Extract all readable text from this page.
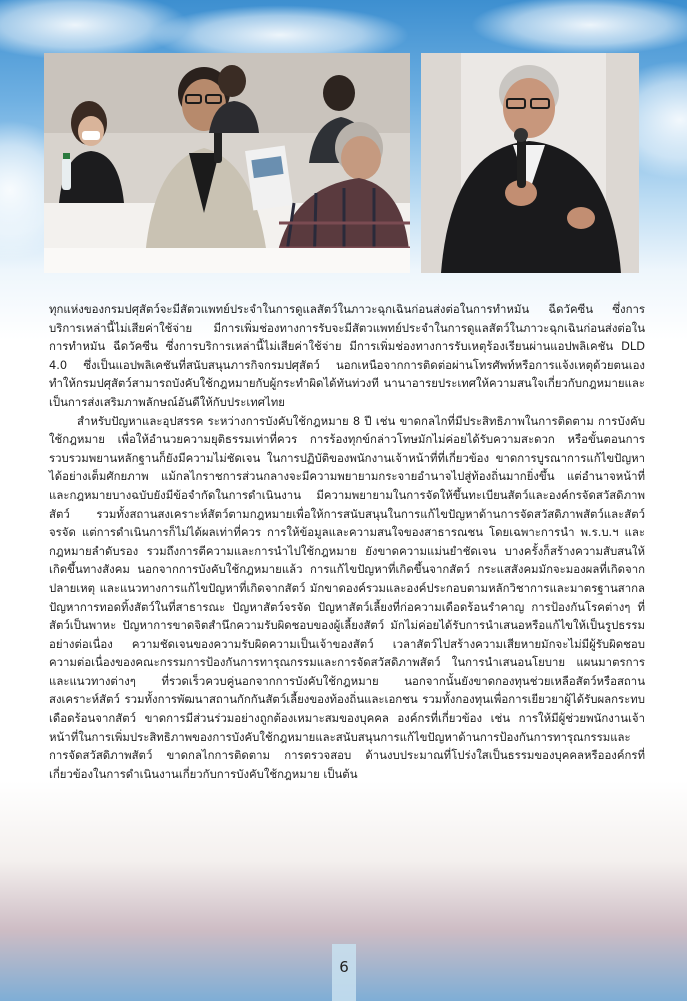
ทุกแห่งของกรมปศุสัตว์จะมีสัตวแพทย์ประจำในการดูแลสัตว์ในภาวะฉุกเฉินก่อนส่งต่อในการทำหมัน ฉีดวัคซีน ซึ่งการบริการเหล่านี้ไม่เสียค่าใช้จ่าย มีการเพิ่มช่องทางการรับจะมีสัตวแพทย์ประจำในการดูแลสัตว์ในภาวะฉุกเฉินก่อนส่งต่อในการทำหมัน ฉีดวัคซีน ซึ่งการบริการเหล่านี้ไม่เสียค่าใช้จ่าย มีการเพิ่มช่องทางการรับเหตุร้องเรียนผ่านแอปพลิเคชัน DLD 4.0 ซึ่งเป็นแอปพลิเคชันที่สนับสนุนภารกิจกรมปศุสัตว์ นอกเหนือจากการติดต่อผ่านโทรศัพท์หรือการแจ้งเหตุด้วยตนเอง ทำให้กรมปศุสัตว์สามารถบังคับใช้กฎหมายกับผู้กระทำผิดได้ทันท่วงที นานาอารยประเทศให้ความสนใจเกี่ยวกับกฎหมายและเป็นการส่งเสริมภาพลักษณ์อันดีให้กับประเทศไทย

สำหรับปัญหาและอุปสรรค ระหว่างการบังคับใช้กฎหมาย 8 ปี เช่น ขาดกลไกที่มีประสิทธิภาพในการติดตาม การบังคับใช้กฎหมาย เพื่อให้อำนวยความยุติธรรมเท่าที่ควร การร้องทุกข์กล่าวโทษมักไม่ค่อยได้รับความสะดวก หรือขั้นตอนการรวบรวมพยานหลักฐานก็ยังมีความไม่ชัดเจน ในการปฏิบัติของพนักงานเจ้าหน้าที่ที่เกี่ยวข้อง ขาดการบูรณาการแก้ไขปัญหา ได้อย่างเต็มศักยภาพ แม้กลไกราชการส่วนกลางจะมีความพยายามกระจายอำนาจไปสู่ท้องถิ่นมากยิ่งขึ้น แต่อำนาจหน้าที่และกฎหมายบางฉบับยังมีข้อจำกัดในการดำเนินงาน มีความพยายามในการจัดให้ขึ้นทะเบียนสัตว์และองค์กรจัดสวัสดิภาพสัตว์ รวมทั้งสถานสงเคราะห์สัตว์ตามกฎหมายเพื่อให้การสนับสนุนในการแก้ไขปัญหาด้านการจัดสวัสดิภาพสัตว์และสัตว์จรจัด แต่การดำเนินการก็ไม่ได้ผลเท่าที่ควร การให้ข้อมูลและความสนใจของสาธารณชน โดยเฉพาะการนำ พ.ร.บ.ฯ และกฎหมายลำดับรอง รวมถึงการตีความและการนำไปใช้กฎหมาย ยังขาดความแม่นยำชัดเจน บางครั้งก็สร้างความสับสนให้เกิดขึ้นทางสังคม นอกจากการบังคับใช้กฎหมายแล้ว การแก้ไขปัญหาที่เกิดขึ้นจากสัตว์ กระแสสังคมมักจะมองผลที่เกิดจากปลายเหตุ และแนวทางการแก้ไขปัญหาที่เกิดจากสัตว์ มักขาดองค์รวมและองค์ประกอบตามหลักวิชาการและมาตรฐานสากล ปัญหาการทอดทิ้งสัตว์ในที่สาธารณะ ปัญหาสัตว์จรจัด ปัญหาสัตว์เลี้ยงที่ก่อความเดือดร้อนรำคาญ การป้องกันโรคต่างๆ ที่สัตว์เป็นพาหะ ปัญหาการขาดจิตสำนึกความรับผิดชอบของผู้เลี้ยงสัตว์ มักไม่ค่อยได้รับการนำเสนอหรือแก้ไขให้เป็นรูปธรรมอย่างต่อเนื่อง ความชัดเจนของความรับผิดความเป็นเจ้าของสัตว์ เวลาสัตว์ไปสร้างความเสียหายมักจะไม่มีผู้รับผิดชอบ ความต่อเนื่องของคณะกรรมการป้องกันการทารุณกรรมและการจัดสวัสดิภาพสัตว์ ในการนำเสนอนโยบาย แผนมาตรการและแนวทางต่างๆ ที่รวดเร็วควบคู่นอกจากการบังคับใช้กฎหมาย นอกจากนั้นยังขาดกองทุนช่วยเหลือสัตว์หรือสถานสงเคราะห์สัตว์ รวมทั้งการพัฒนาสถานกักกันสัตว์เลี้ยงของท้องถิ่นและเอกชน รวมทั้งกองทุนเพื่อการเยียวยาผู้ได้รับผลกระทบเดือดร้อนจากสัตว์ ขาดการมีส่วนร่วมอย่างถูกต้องเหมาะสมของบุคคล องค์กรที่เกี่ยวข้อง เช่น การให้มีผู้ช่วยพนักงานเจ้าหน้าที่ในการเพิ่มประสิทธิภาพของการบังคับใช้กฎหมายและสนับสนุนการแก้ไขปัญหาด้านการป้องกันการทารุณกรรมและการจัดสวัสดิภาพสัตว์ ขาดกลไกการติดตาม การตรวจสอบ ด้านงบประมาณที่โปร่งใสเป็นธรรมของบุคคลหรือองค์กรที่เกี่ยวข้องในการดำเนินงานเกี่ยวกับการบังคับใช้กฎหมาย เป็นต้น

6
